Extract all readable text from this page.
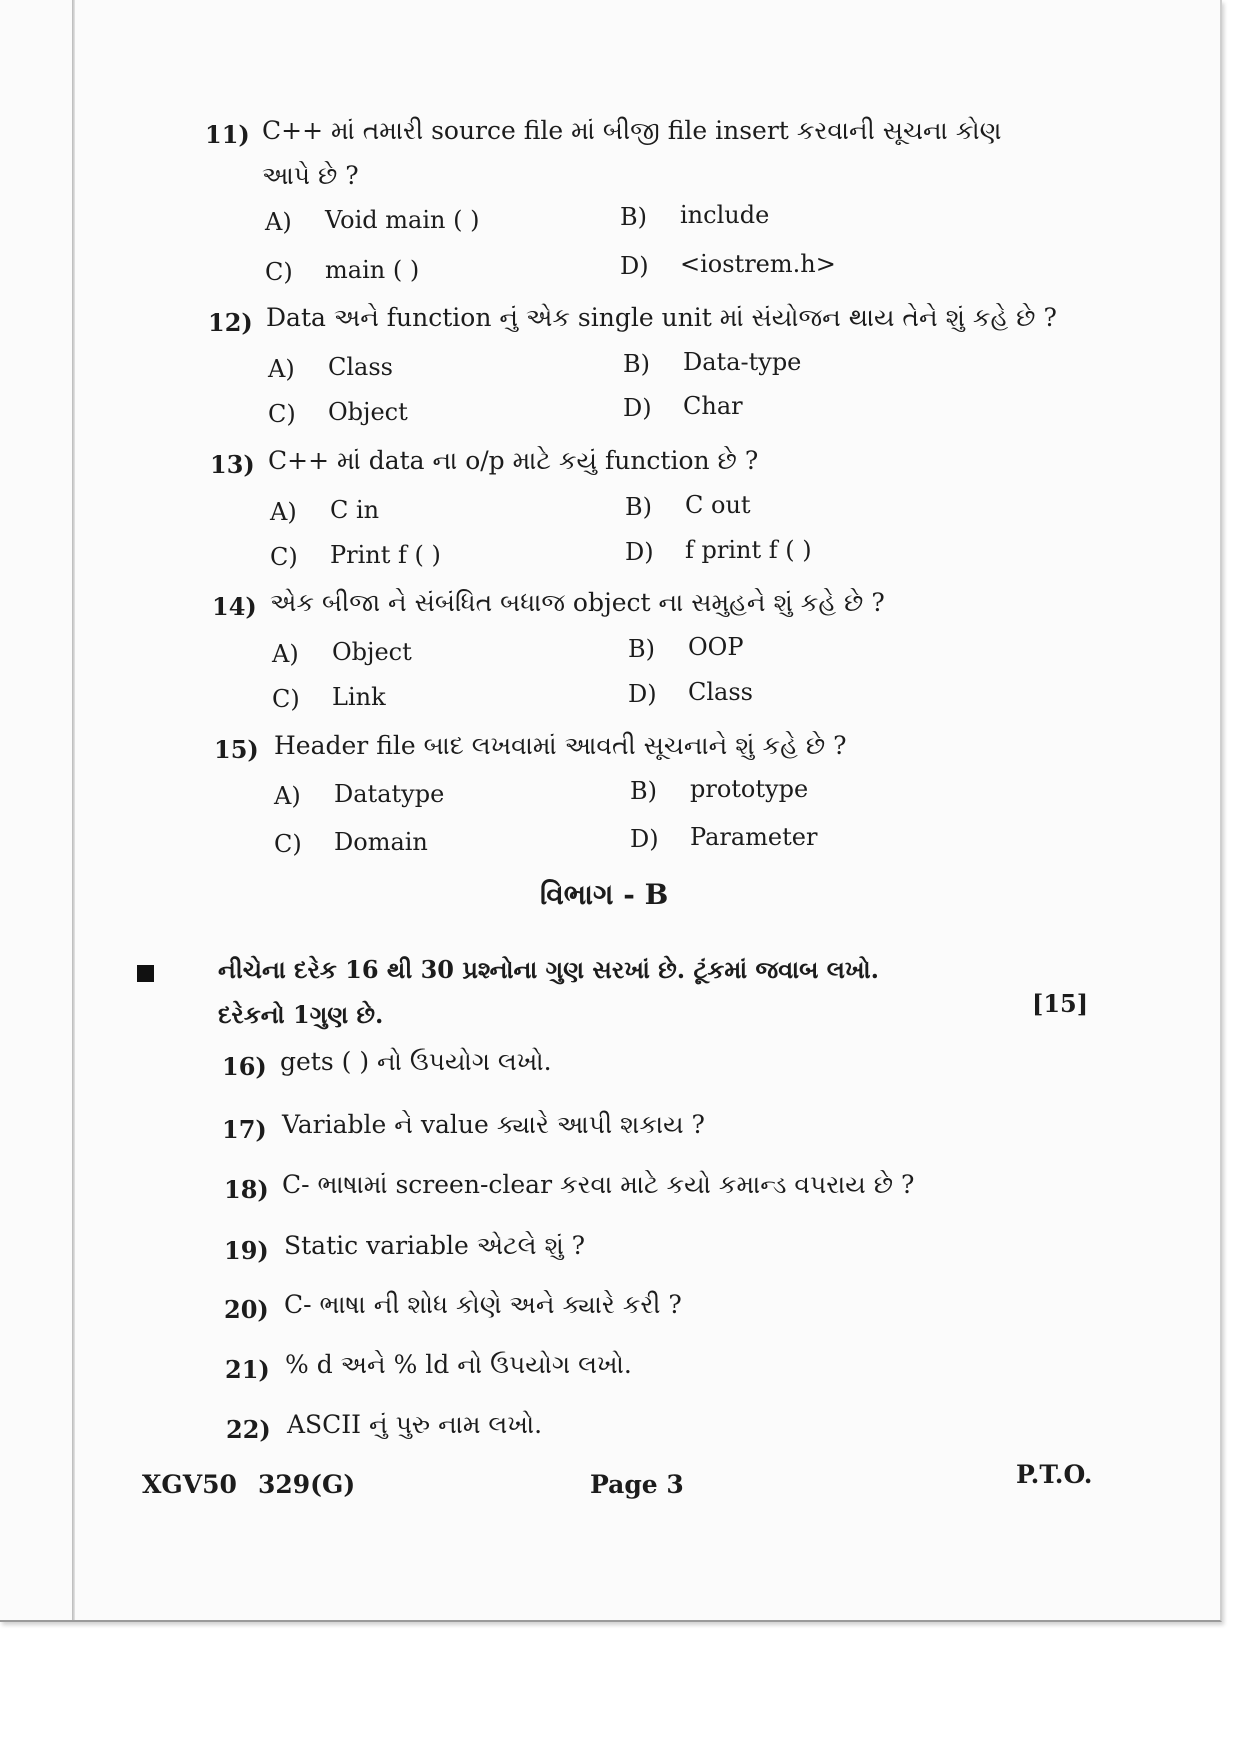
11) C++ માં તમારી source file માં બીજી file insert કરવાની સૂચના કોણ
આપે છે ?
A) Void main ( )	B) include
C) main ( )	D) <iostrem.h>
12) Data અને function નું એક single unit માં સંયોજન થાય તેને શું કહે છે ?
A) Class	B) Data-type
C) Object	D) Char
13) C++ માં data ના o/p માટે કયું function છે ?
A) C in	B) C out
C) Print f ( )	D) f print f ( )
14) એક બીજા ને સંબંધિત બધાજ object ના સમુહને શું કહે છે ?
A) Object	B) OOP
C) Link	D) Class
15) Header file બાદ લખવામાં આવતી સૂચનાને શું કહે છે ?
A) Datatype	B) prototype
C) Domain	D) Parameter
વિભાગ - B
નીચેના દરેક 16 થી 30 પ્રશ્નોના ગુણ સરખાં છે. ટૂંકમાં જવાબ લખો.
દરેકનો 1ગુણ છે.	[15]
16) gets ( ) નો ઉપયોગ લખો.
17) Variable ને value ક્યારે આપી શકાય ?
18) C- ભાષામાં screen-clear કરવા માટે કયો કમાન્ડ વપરાય છે ?
19) Static variable એટલે શું ?
20) C- ભાષા ની શોધ કોણે અને ક્યારે કરી ?
21) % d અને % ld નો ઉપયોગ લખો.
22) ASCII નું પુરુ નામ લખો.
XGV50 329(G)	Page 3	P.T.O.
